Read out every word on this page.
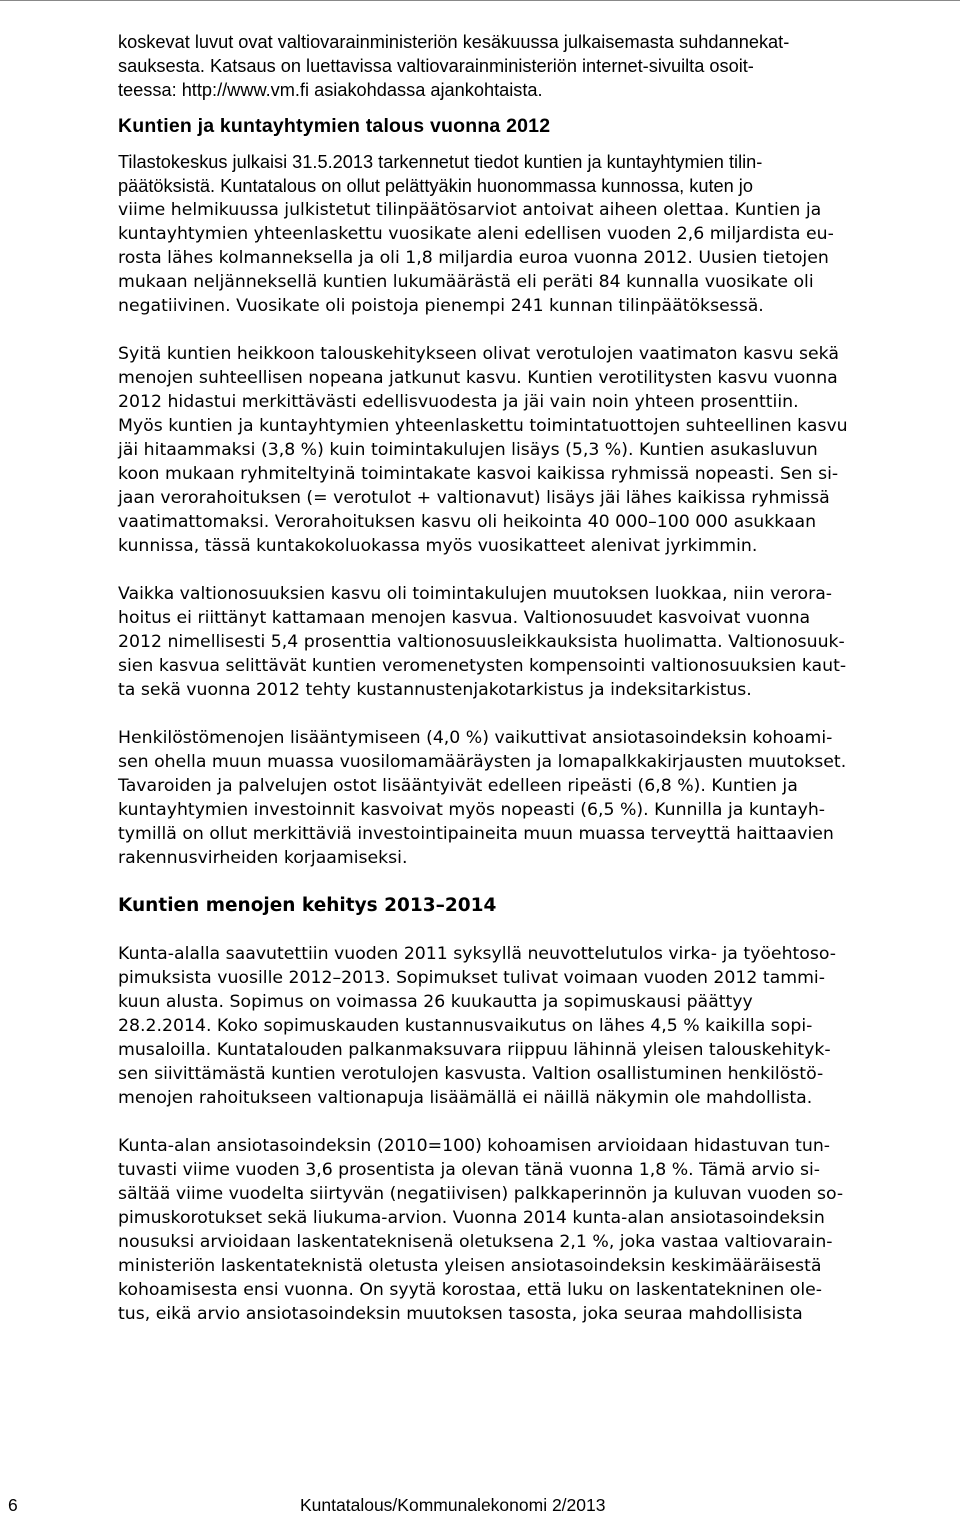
koskevat luvut ovat valtiovarainministeriön kesäkuussa julkaisemasta suhdannekat-
sauksesta. Katsaus on luettavissa valtiovarainministeriön internet-sivuilta osoit-
teessa: http://www.vm.fi asiakohdassa ajankohtaista.
Kuntien ja kuntayhtymien talous vuonna 2012
Tilastokeskus julkaisi 31.5.2013 tarkennetut tiedot kuntien ja kuntayhtymien tilin-
päätöksistä. Kuntatalous on ollut pelättyäkin huonommassa kunnossa, kuten jo
viime helmikuussa julkistetut tilinpäätösarviot antoivat aiheen olettaa. Kuntien ja
kuntayhtymien yhteenlaskettu vuosikate aleni edellisen vuoden 2,6 miljardista eu-
rosta lähes kolmanneksella ja oli 1,8 miljardia euroa vuonna 2012. Uusien tietojen
mukaan neljänneksellä kuntien lukumäärästä eli peräti 84 kunnalla vuosikate oli
negatiivinen. Vuosikate oli poistoja pienempi 241 kunnan tilinpäätöksessä.
Syitä kuntien heikkoon talouskehitykseen olivat verotulojen vaatimaton kasvu sekä
menojen suhteellisen nopeana jatkunut kasvu. Kuntien verotilitysten kasvu vuonna
2012 hidastui merkittävästi edellisvuodesta ja jäi vain noin yhteen prosenttiin.
Myös kuntien ja kuntayhtymien yhteenlaskettu toimintatuottojen suhteellinen kasvu
jäi hitaammaksi (3,8 %) kuin toimintakulujen lisäys (5,3 %). Kuntien asukasluvun
koon mukaan ryhmiteltyinä toimintakate kasvoi kaikissa ryhmissä nopeasti. Sen si-
jaan verorahoituksen (= verotulot + valtionavut) lisäys jäi lähes kaikissa ryhmissä
vaatimattomaksi. Verorahoituksen kasvu oli heikointa 40 000–100 000 asukkaan
kunnissa, tässä kuntakokoluokassa myös vuosikatteet alenivat jyrkimmin.
Vaikka valtionosuuksien kasvu oli toimintakulujen muutoksen luokkaa, niin verora-
hoitus ei riittänyt kattamaan menojen kasvua. Valtionosuudet kasvoivat vuonna
2012 nimellisesti 5,4 prosenttia valtionosuusleikkauksista huolimatta. Valtionosuuk-
sien kasvua selittävät kuntien veromenetysten kompensointi valtionosuuksien kaut-
ta sekä vuonna 2012 tehty kustannustenjakotarkistus ja indeksitarkistus.
Henkilöstömenojen lisääntymiseen (4,0 %) vaikuttivat ansiotasoindeksin kohoami-
sen ohella muun muassa vuosilomamääräysten ja lomapalkkakirjausten muutokset.
Tavaroiden ja palvelujen ostot lisääntyivät edelleen ripeästi (6,8 %). Kuntien ja
kuntayhtymien investoinnit kasvoivat myös nopeasti (6,5 %). Kunnilla ja kuntayh-
tymillä on ollut merkittäviä investointipaineita muun muassa terveyttä haittaavien
rakennusvirheiden korjaamiseksi.
Kuntien menojen kehitys 2013–2014
Kunta-alalla saavutettiin vuoden 2011 syksyllä neuvottelutulos virka- ja työehtoso-
pimuksista vuosille 2012–2013. Sopimukset tulivat voimaan vuoden 2012 tammi-
kuun alusta. Sopimus on voimassa 26 kuukautta ja sopimuskausi päättyy
28.2.2014. Koko sopimuskauden kustannusvaikutus on lähes 4,5 % kaikilla sopi-
musaloilla. Kuntatalouden palkanmaksuvara riippuu lähinnä yleisen talouskehityk-
sen siivittämästä kuntien verotulojen kasvusta. Valtion osallistuminen henkilöstö-
menojen rahoitukseen valtionapuja lisäämällä ei näillä näkymin ole mahdollista.
Kunta-alan ansiotasoindeksin (2010=100) kohoamisen arvioidaan hidastuvan tun-
tuvasti viime vuoden 3,6 prosentista ja olevan tänä vuonna 1,8 %. Tämä arvio si-
sältää viime vuodelta siirtyvän (negatiivisen) palkkaperinnön ja kuluvan vuoden so-
pimuskorotukset sekä liukuma-arvion. Vuonna 2014 kunta-alan ansiotasoindeksin
nousuksi arvioidaan laskentateknisenä oletuksena 2,1 %, joka vastaa valtiovarain-
ministeriön laskentateknistä oletusta yleisen ansiotasoindeksin keskimääräisestä
kohoamisesta ensi vuonna. On syytä korostaa, että luku on laskentatekninen ole-
tus, eikä arvio ansiotasoindeksin muutoksen tasosta, joka seuraa mahdollisista
6	Kuntatalous/Kommunalekonomi 2/2013
